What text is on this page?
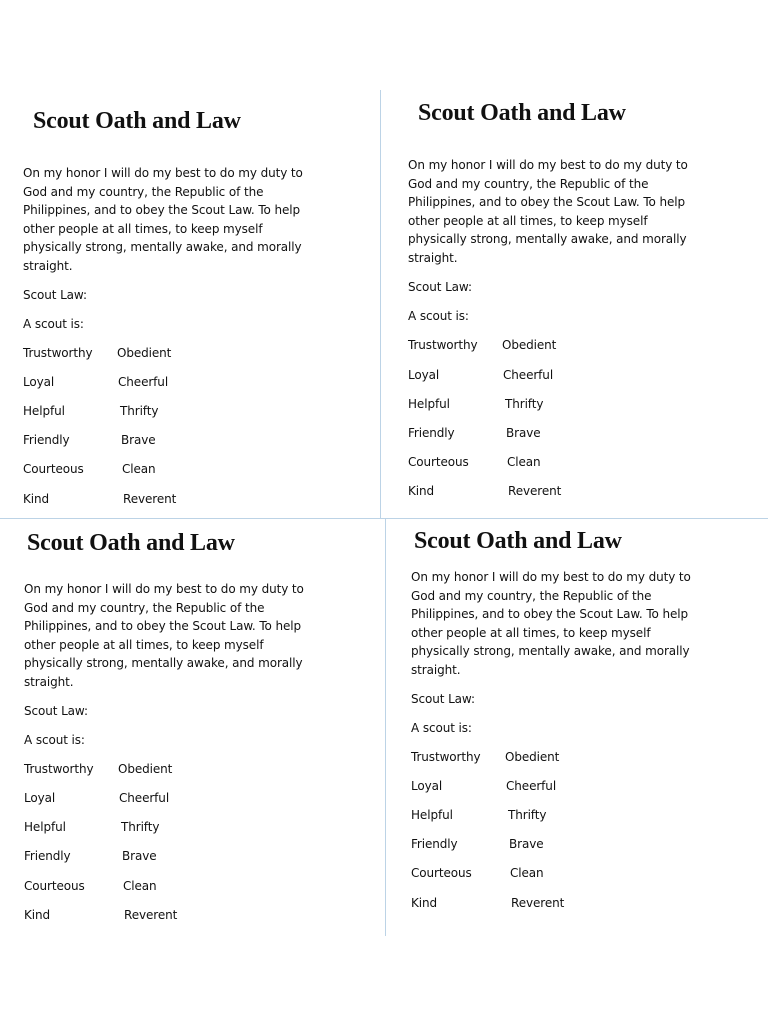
Scout Oath and Law

On my honor I will do my best to do my duty to God and my country, the Republic of the Philippines, and to obey the Scout Law. To help other people at all times, to keep myself physically strong, mentally awake, and morally straight.

Scout Law:
A scout is:
Trustworthy Obedient
Loyal	Cheerful
Helpful	Thrifty
Friendly	Brave
Courteous	Clean
Kind	Reverent
Scout Oath and Law

On my honor I will do my best to do my duty to God and my country, the Republic of the Philippines, and to obey the Scout Law. To help other people at all times, to keep myself physically strong, mentally awake, and morally straight.

Scout Law:
A scout is:
Trustworthy Obedient
Loyal	Cheerful
Helpful	Thrifty
Friendly	Brave
Courteous	Clean
Kind	Reverent
Scout Oath and Law

On my honor I will do my best to do my duty to God and my country, the Republic of the Philippines, and to obey the Scout Law. To help other people at all times, to keep myself physically strong, mentally awake, and morally straight.

Scout Law:
A scout is:
Trustworthy Obedient
Loyal	Cheerful
Helpful	Thrifty
Friendly	Brave
Courteous	Clean
Kind	Reverent
Scout Oath and Law

On my honor I will do my best to do my duty to God and my country, the Republic of the Philippines, and to obey the Scout Law. To help other people at all times, to keep myself physically strong, mentally awake, and morally straight.

Scout Law:
A scout is:
Trustworthy Obedient
Loyal	Cheerful
Helpful	Thrifty
Friendly	Brave
Courteous	Clean
Kind	Reverent
